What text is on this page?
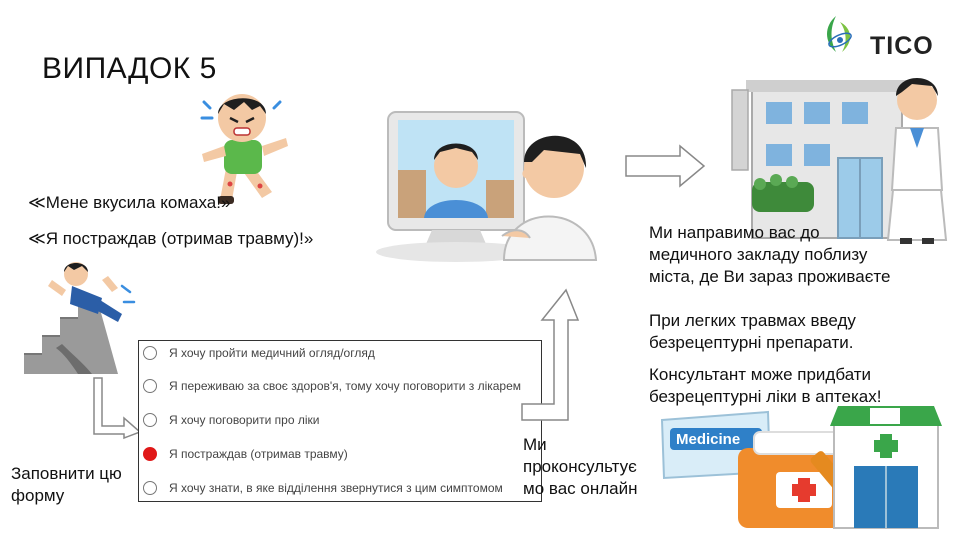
ВИПАДОК 5
TICO
≪Мене вкусила комаха!»
≪Я постраждав (отримав травму)!»
Заповнити цю
форму
Я хочу пройти медичний огляд/огляд
Я переживаю за своє здоров'я, тому хочу поговорити з лікарем
Я хочу поговорити про ліки
Я постраждав (отримав травму)
Я хочу знати, в яке відділення звернутися з цим симптомом
Ми
проконсультує
мо вас онлайн
Ми направимо вас до
медичного закладу поблизу
міста, де Ви зараз проживаєте
При легких травмах введу
безрецептурні препарати.
Консультант може придбати
безрецептурні ліки в аптеках!
Medicine
